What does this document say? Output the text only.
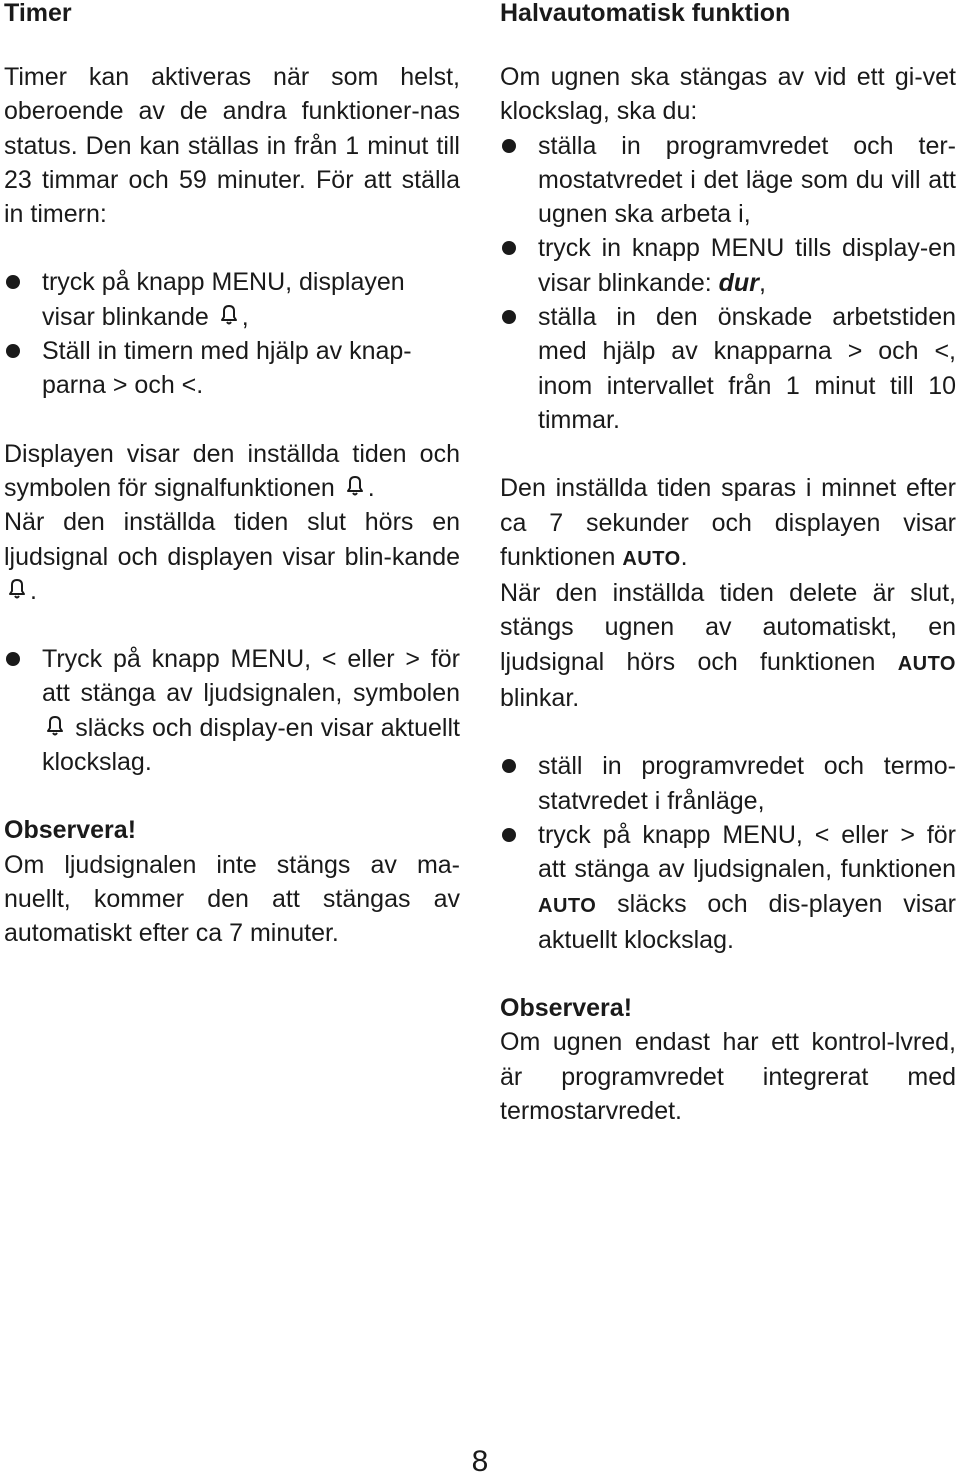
Timer

Timer kan aktiveras när som helst, oberoende av de andra funktioner-nas status. Den kan ställas in från 1 minut till 23 timmar och 59 minuter. För att ställa in timern:

tryck på knapp MENU, displayen visar blinkande
,
Ställ in timern med hjälp av knap-parna > och <.

Displayen visar den inställda tiden och symbolen för signalfunktionen
.

När den inställda tiden slut hörs en ljudsignal och displayen visar blin-kande
.

Tryck på knapp MENU, < eller > för att stänga av ljudsignalen, symbolen
släcks och display-en visar aktuellt klockslag.

Observera!

Om ljudsignalen inte stängs av ma-nuellt, kommer den att stängas av automatiskt efter ca 7 minuter.

Halvautomatisk funktion

Om ugnen ska stängas av vid ett gi-vet klockslag, ska du:

ställa in programvredet och ter-mostatvredet i det läge som du vill att ugnen ska arbeta i,
tryck in knapp MENU tills display-en visar blinkande: dur,
ställa in den önskade arbetstiden med hjälp av knapparna > och <, inom intervallet från 1 minut till 10 timmar.

Den inställda tiden sparas i minnet efter ca 7 sekunder och displayen visar funktionen AUTO.

När den inställda tiden delete är slut, stängs ugnen av automatiskt, en ljudsignal hörs och funktionen AUTO blinkar.

ställ in programvredet och termo-statvredet i frånläge,
tryck på knapp MENU, < eller > för att stänga av ljudsignalen, funktionen AUTO släcks och dis-playen visar aktuellt klockslag.

Observera!

Om ugnen endast har ett kontrol-lvred, är programvredet integrerat med termostarvredet.

8
